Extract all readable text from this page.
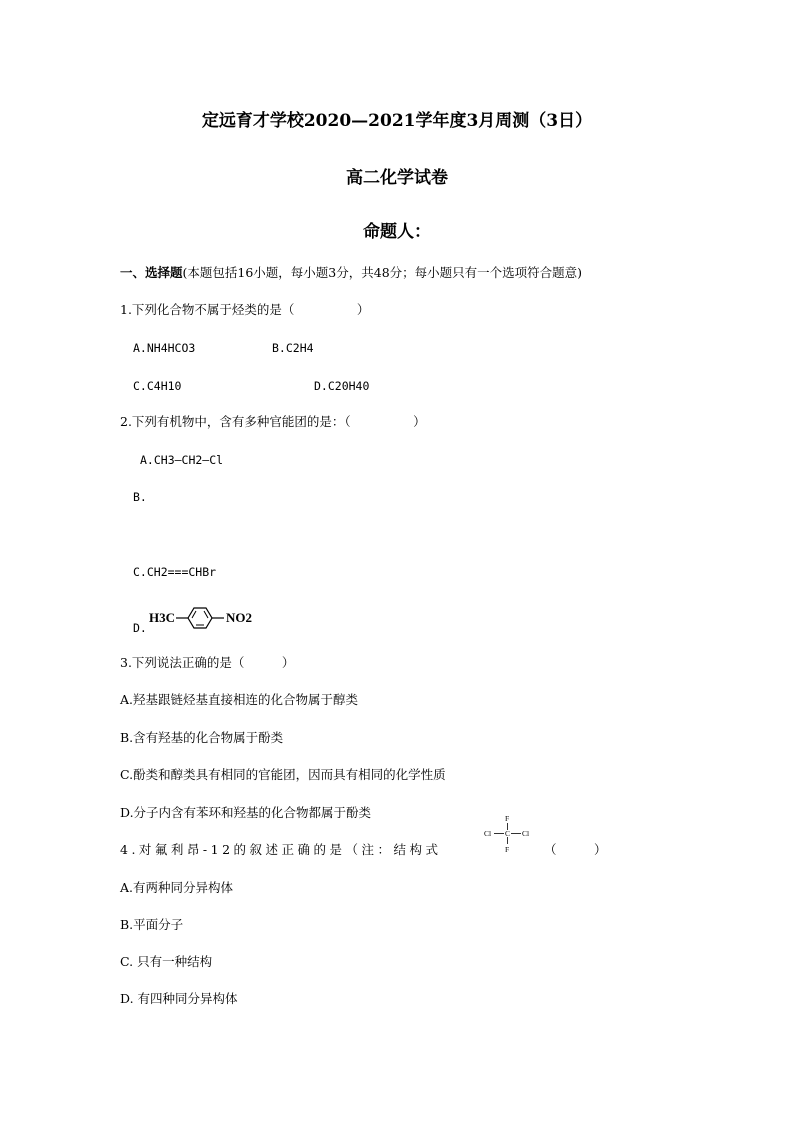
定远育才学校2020—2021学年度3月周测（3日）
高二化学试卷
命题人：
一、选择题(本题包括16小题，每小题3分，共48分；每小题只有一个选项符合题意)
1.下列化合物不属于烃类的是（　　　　　）
A.NH4HCO3	B.C2H4
C.C4H10	D.C20H40
2.下列有机物中，含有多种官能团的是：（　　　　　）
A.CH3—CH2—Cl
B.
C.CH2===CHBr
D.
H3C	NO2
3.下列说法正确的是（　　　）
A.羟基跟链烃基直接相连的化合物属于醇类
B.含有羟基的化合物属于酚类
C.酚类和醇类具有相同的官能团，因而具有相同的化学性质
D.分子内含有苯环和羟基的化合物都属于酚类
4.对氟利昂-12的叙述正确的是（注：结构式
F
Cl C Cl
F	（　　　）
A.有两种同分异构体
B.平面分子
C. 只有一种结构
D. 有四种同分异构体
